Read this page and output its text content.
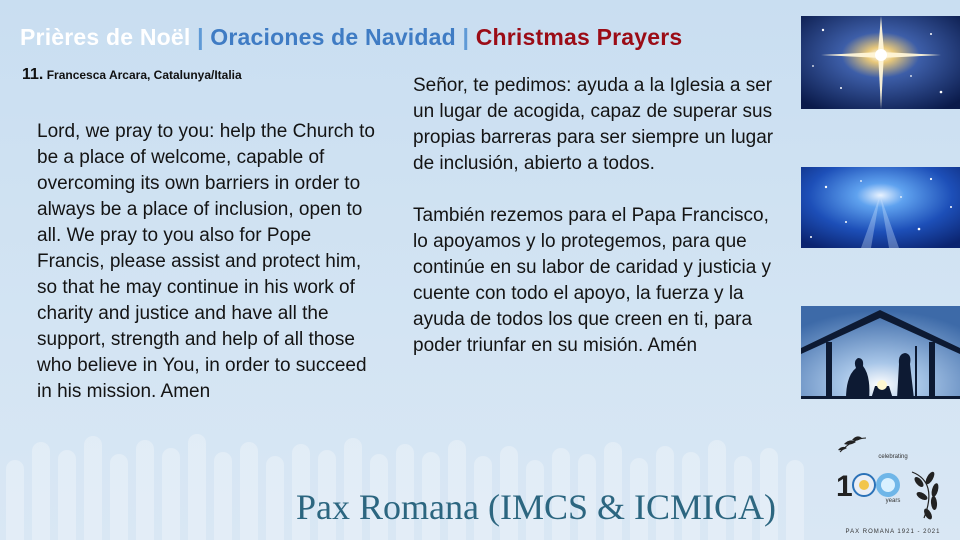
Prières de Noël | Oraciones de Navidad | Christmas Prayers
11. Francesca Arcara, Catalunya/Italia
Lord, we pray to you: help the Church to be a place of welcome, capable of overcoming its own barriers in order to always be a place of inclusion, open to all. We pray to you also for Pope Francis, please assist and protect him, so that he may continue in his work of charity and justice and have all the support, strength and help of all those who believe in You, in order to succeed in his mission. Amen

Señor, te pedimos: ayuda a la Iglesia a ser un lugar de acogida, capaz de superar sus propias barreras para ser siempre un lugar de inclusión, abierto a todos.

También rezemos para el Papa Francisco, lo apoyamos y lo protegemos, para que continúe en su labor de caridad y justicia y cuente con todo el apoyo, la fuerza y la ayuda de todos los que creen en ti, para poder triunfar en su misión. Amén

Pax Romana (IMCS & ICMICA)
1
celebrating
years
PAX ROMANA 1921 - 2021
